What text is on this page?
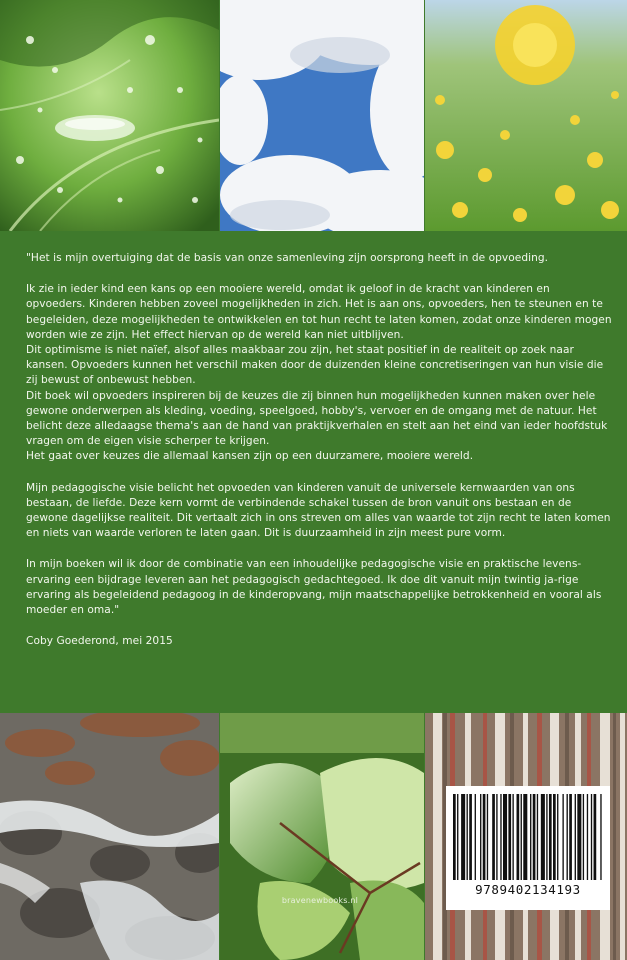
"Het is mijn overtuiging dat de basis van onze samenleving zijn oorsprong heeft in de opvoeding.

Ik zie in ieder kind een kans op een mooiere wereld, omdat ik geloof in de kracht van kinderen en opvoeders. Kinderen hebben zoveel mogelijkheden in zich. Het is aan ons, opvoeders, hen te steunen en te begeleiden, deze mogelijkheden te ontwikkelen en tot hun recht te laten komen, zodat onze kinderen mogen worden wie ze zijn. Het effect hiervan op de wereld kan niet uitblijven.

Dit optimisme is niet naïef, alsof alles maakbaar zou zijn, het staat positief in de realiteit op zoek naar kansen. Opvoeders kunnen het verschil maken door de duizenden kleine concretiseringen van hun visie die zij bewust of onbewust hebben.

Dit boek wil opvoeders inspireren bij de keuzes die zij binnen hun mogelijkheden kunnen maken over hele gewone onderwerpen als kleding, voeding, speelgoed, hobby's, vervoer en de omgang met de natuur. Het belicht deze alledaagse thema's aan de hand van praktijkverhalen en stelt aan het eind van ieder hoofdstuk vragen om de eigen visie scherper te krijgen.

Het gaat over keuzes die allemaal kansen zijn op een duurzamere, mooiere wereld.

Mijn pedagogische visie belicht het opvoeden van kinderen vanuit de universele kernwaarden van ons bestaan, de liefde. Deze kern vormt de verbindende schakel tussen de bron vanuit ons bestaan en de gewone dagelijkse realiteit. Dit vertaalt zich in ons streven om alles van waarde tot zijn recht te laten komen en niets van waarde verloren te laten gaan. Dit is duurzaamheid in zijn meest pure vorm.

In mijn boeken wil ik door de combinatie van een inhoudelijke pedagogische visie en praktische levens-ervaring een bijdrage leveren aan het pedagogisch gedachtegoed. Ik doe dit vanuit mijn twintig ja-rige ervaring als begeleidend pedagoog in de kinderopvang, mijn maatschappelijke betrokkenheid en vooral als moeder en oma."

Coby Goederond, mei 2015

bravenewbooks.nl
9789402134193
